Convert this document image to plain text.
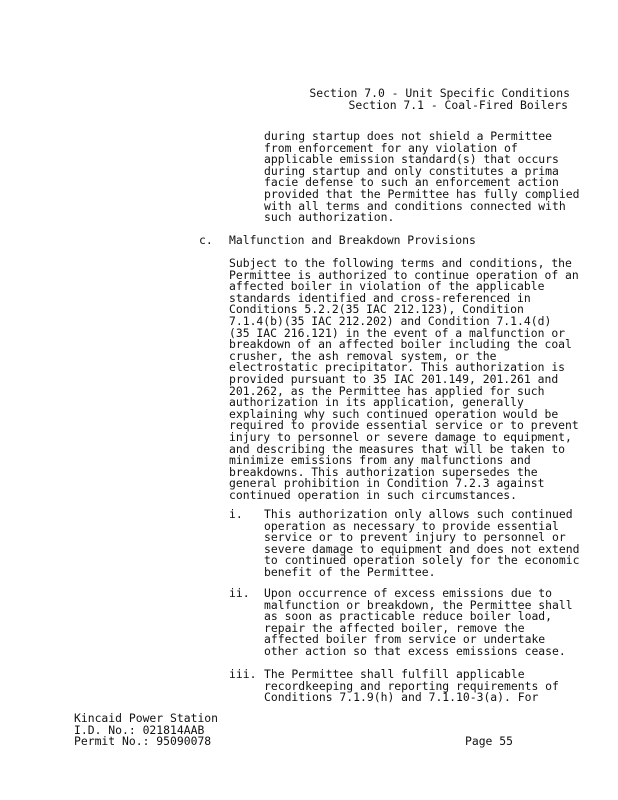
Section 7.0 - Unit Specific Conditions
Section 7.1 - Coal-Fired Boilers
during startup does not shield a Permittee
from enforcement for any violation of
applicable emission standard(s) that occurs
during startup and only constitutes a prima
facie defense to such an enforcement action
provided that the Permittee has fully complied
with all terms and conditions connected with
such authorization.
c. Malfunction and Breakdown Provisions
Subject to the following terms and conditions, the
Permittee is authorized to continue operation of an
affected boiler in violation of the applicable
standards identified and cross-referenced in
Conditions 5.2.2(35 IAC 212.123), Condition
7.1.4(b)(35 IAC 212.202) and Condition 7.1.4(d)
(35 IAC 216.121) in the event of a malfunction or
breakdown of an affected boiler including the coal
crusher, the ash removal system, or the
electrostatic precipitator. This authorization is
provided pursuant to 35 IAC 201.149, 201.261 and
201.262, as the Permittee has applied for such
authorization in its application, generally
explaining why such continued operation would be
required to provide essential service or to prevent
injury to personnel or severe damage to equipment,
and describing the measures that will be taken to
minimize emissions from any malfunctions and
breakdowns. This authorization supersedes the
general prohibition in Condition 7.2.3 against
continued operation in such circumstances.
i. This authorization only allows such continued
operation as necessary to provide essential
service or to prevent injury to personnel or
severe damage to equipment and does not extend
to continued operation solely for the economic
benefit of the Permittee.
ii. Upon occurrence of excess emissions due to
malfunction or breakdown, the Permittee shall
as soon as practicable reduce boiler load,
repair the affected boiler, remove the
affected boiler from service or undertake
other action so that excess emissions cease.
iii. The Permittee shall fulfill applicable
recordkeeping and reporting requirements of
Conditions 7.1.9(h) and 7.1.10-3(a). For
Kincaid Power Station
I.D. No.: 021814AAB
Permit No.: 95090078	Page 55
